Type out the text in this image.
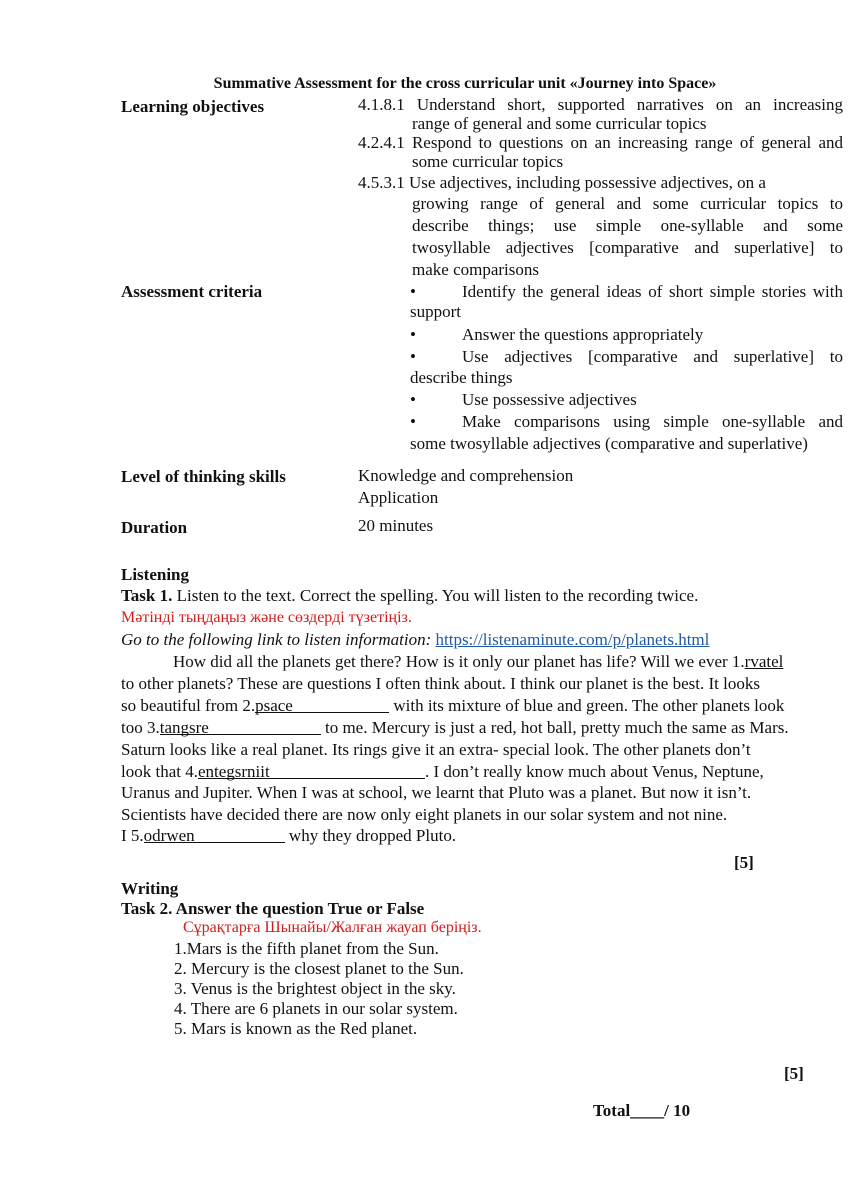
Summative Assessment for the cross curricular unit «Journey into Space»
Learning objectives	4.1.8.1 Understand short, supported narratives on an increasing
range of general and some curricular topics
4.2.4.1 Respond to questions on an increasing range of general and
some curricular topics
4.5.3.1 Use adjectives, including possessive adjectives, on a
growing range of general and some curricular topics to
describe things; use simple one-syllable and some
twosyllable adjectives [comparative and superlative] to
make comparisons
Assessment criteria	•	Identify the general ideas of short simple stories with
support
•	Answer the questions appropriately
•	Use adjectives [comparative and superlative] to
describe things
•	Use possessive adjectives
•	Make comparisons using simple one-syllable and
some twosyllable adjectives (comparative and superlative)
Level of thinking skills	Knowledge and comprehension
Application
Duration	20 minutes
Listening
Task 1. Listen to the text. Correct the spelling. You will listen to the recording twice.
Мәтінді тыңдаңыз және сөздерді түзетіңіз.
Go to the following link to listen information: https://listenaminute.com/p/planets.html
How did all the planets get there? How is it only our planet has life? Will we ever 1.rvatel
to other planets? These are questions I often think about. I think our planet is the best. It looks
so beautiful from 2.psace	with its mixture of blue and green. The other planets look
too 3.tangsre	to me. Mercury is just a red, hot ball, pretty much the same as Mars.
Saturn looks like a real planet. Its rings give it an extra- special look. The other planets don’t
look that 4.entegsrniit	. I don’t really know much about Venus, Neptune,
Uranus and Jupiter. When I was at school, we learnt that Pluto was a planet. But now it isn’t.
Scientists have decided there are now only eight planets in our solar system and not nine.
I 5.odrwen	why they dropped Pluto.
[5]
Writing
Task 2. Answer the question True or False
Сұрақтарға Шынайы/Жалған жауап беріңіз.
1.Mars is the fifth planet from the Sun.
2. Mercury is the closest planet to the Sun.
3. Venus is the brightest object in the sky.
4. There are 6 planets in our solar system.
5. Mars is known as the Red planet.
[5]
Total____/ 10
